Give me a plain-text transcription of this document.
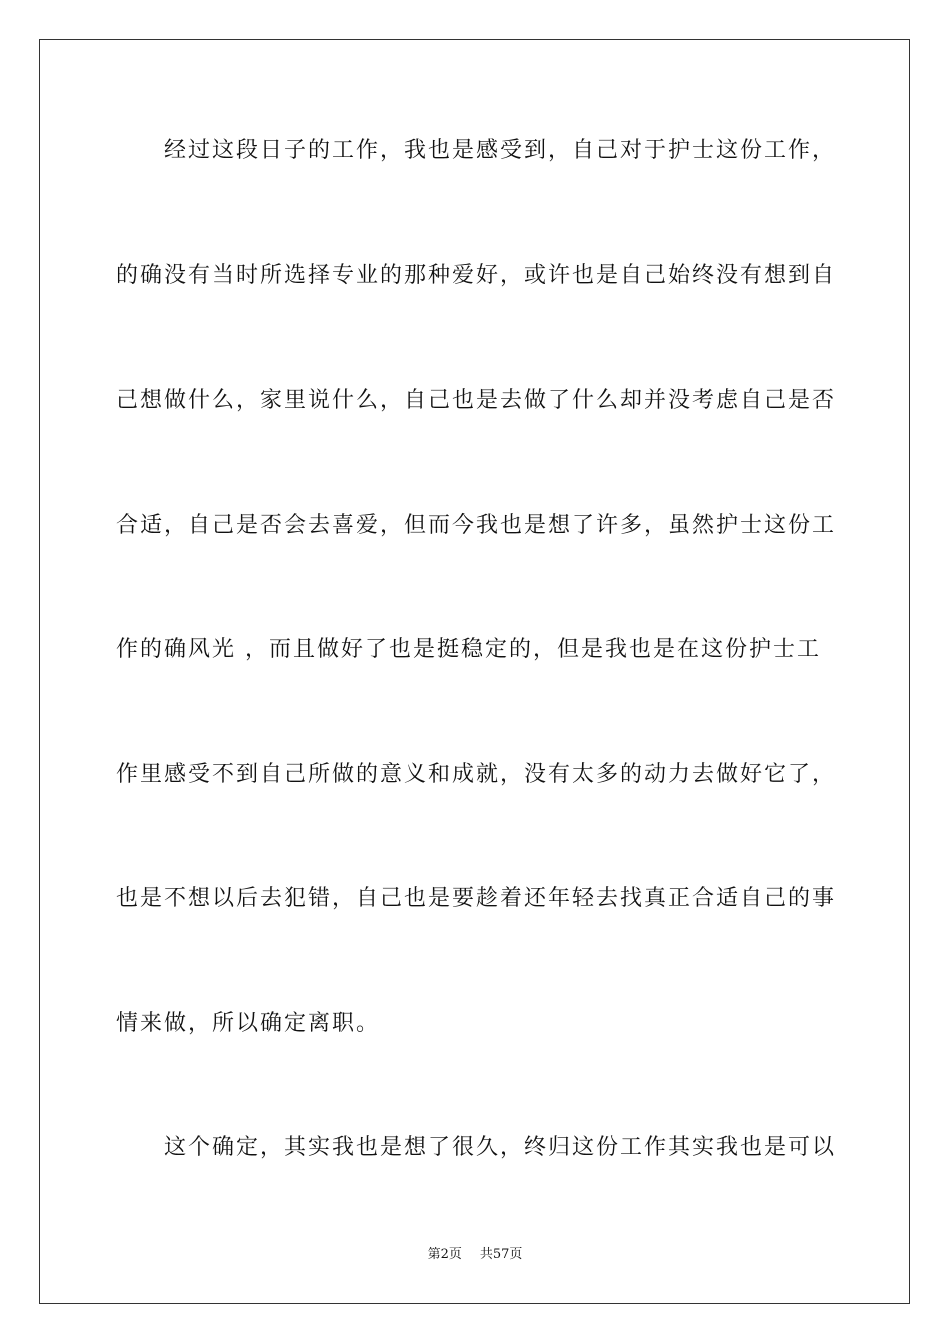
经过这段日子的工作，我也是感受到，自己对于护士这份工作，
的确没有当时所选择专业的那种爱好，或许也是自己始终没有想到自
己想做什么，家里说什么，自己也是去做了什么却并没考虑自己是否
合适，自己是否会去喜爱，但而今我也是想了许多，虽然护士这份工
作的确风光 ，而且做好了也是挺稳定的，但是我也是在这份护士工
作里感受不到自己所做的意义和成就，没有太多的动力去做好它了，
也是不想以后去犯错，自己也是要趁着还年轻去找真正合适自己的事
情来做，所以确定离职。
这个确定，其实我也是想了很久，终归这份工作其实我也是可以
第2页 共57页
